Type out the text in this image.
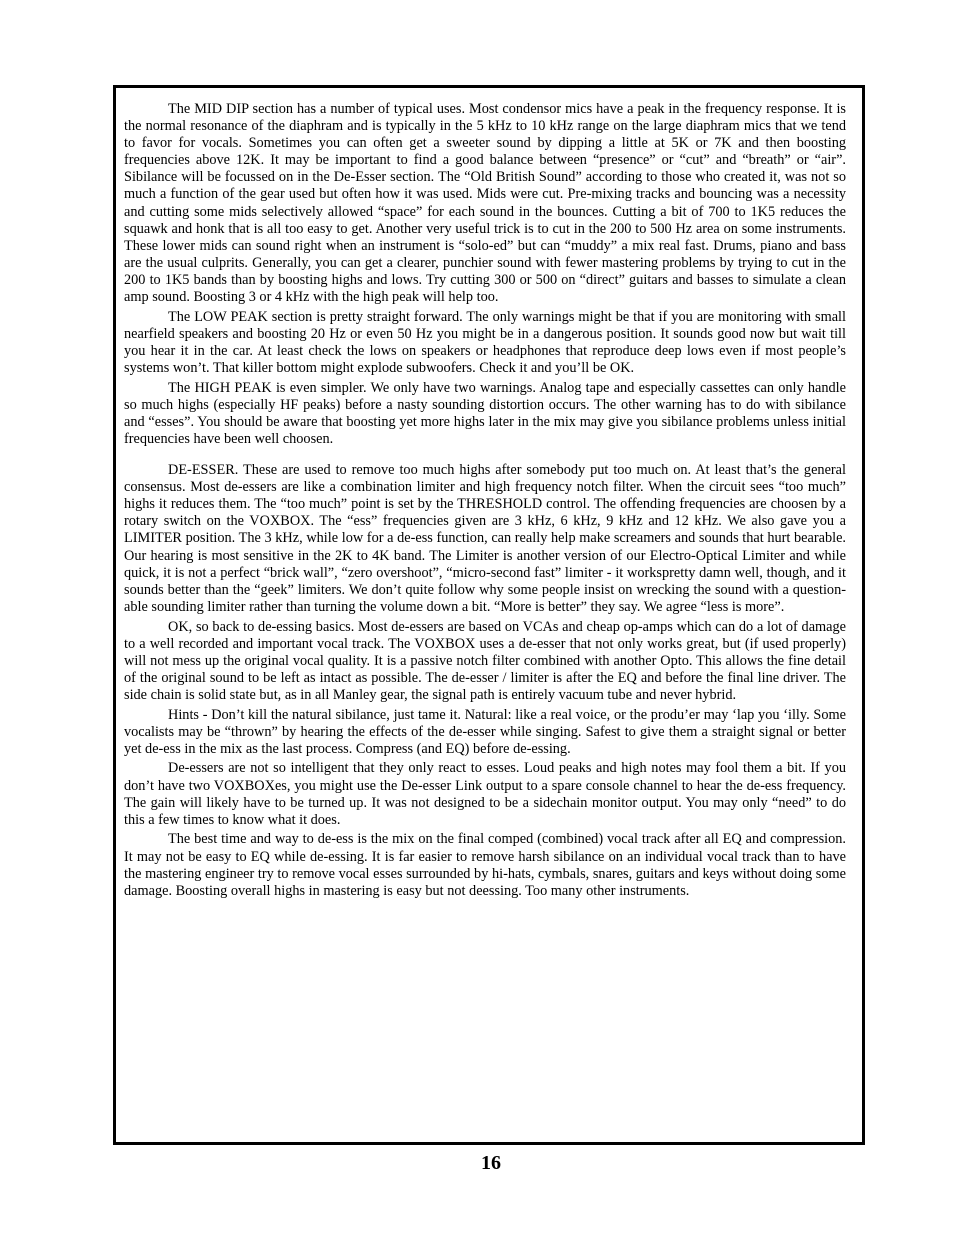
The MID DIP section has a number of typical uses. Most condensor mics have a peak in the frequency response. It is the normal resonance of the diaphram and is typically in the 5 kHz to 10 kHz range on the large diaphram mics that we tend to favor for vocals. Sometimes you can often get a sweeter sound by dipping a little at 5K or 7K and then boosting frequencies above 12K. It may be important to find a good balance between “presence” or “cut” and “breath” or “air”. Sibilance will be focussed on in the De-Esser section. The “Old British Sound” according to those who created it, was not so much a function of the gear used but often how it was used. Mids were cut. Pre-mixing tracks and bouncing was a necessity and cutting some mids selectively allowed “space” for each sound in the bounces. Cutting a bit of 700 to 1K5 reduces the squawk and honk that is all too easy to get. Another very useful trick is to cut in the 200 to 500 Hz area on some instruments. These lower mids can sound right when an instrument is “solo-ed” but can “muddy” a mix real fast. Drums, piano and bass are the usual culprits. Generally, you can get a clearer, punchier sound with fewer mastering problems by trying to cut in the 200 to 1K5 bands than by boosting highs and lows. Try cutting 300 or 500 on “direct” guitars and basses to simulate a clean amp sound. Boosting 3 or 4 kHz with the high peak will help too.

The LOW PEAK section is pretty straight forward. The only warnings might be that if you are monitoring with small nearfield speakers and boosting 20 Hz or even 50 Hz you might be in a dangerous position. It sounds good now but wait till you hear it in the car. At least check the lows on speakers or headphones that reproduce deep lows even if most people’s systems won’t. That killer bottom might explode subwoofers. Check it and you’ll be OK.

The HIGH PEAK is even simpler. We only have two warnings. Analog tape and especially cassettes can only handle so much highs (especially HF peaks) before a nasty sounding distortion occurs. The other warning has to do with sibilance and “esses”. You should be aware that boosting yet more highs later in the mix may give you sibilance problems unless initial frequencies have been well choosen.

DE-ESSER. These are used to remove too much highs after somebody put too much on. At least that’s the general consensus. Most de-essers are like a combination limiter and high frequency notch filter. When the circuit sees “too much” highs it reduces them. The “too much” point is set by the THRESHOLD control. The offending frequencies are choosen by a rotary switch on the VOXBOX. The “ess” frequencies given are 3 kHz, 6 kHz, 9 kHz and 12 kHz. We also gave you a LIMITER position. The 3 kHz, while low for a de-ess function, can really help make screamers and sounds that hurt bearable. Our hearing is most sensitive in the 2K to 4K band. The Limiter is another version of our Electro-Optical Limiter and while quick, it is not a perfect “brick wall”, “zero overshoot”, “micro-second fast” limiter - it workspretty damn well, though, and it sounds better than the “geek” limiters. We don’t quite follow why some people insist on wrecking the sound with a questionable sounding limiter rather than turning the volume down a bit. “More is better” they say. We agree “less is more”.

OK, so back to de-essing basics. Most de-essers are based on VCAs and cheap op-amps which can do a lot of damage to a well recorded and important vocal track. The VOXBOX uses a de-esser that not only works great, but (if used properly) will not mess up the original vocal quality. It is a passive notch filter combined with another Opto. This allows the fine detail of the original sound to be left as intact as possible. The de-esser / limiter is after the EQ and before the final line driver. The side chain is solid state but, as in all Manley gear, the signal path is entirely vacuum tube and never hybrid.

Hints - Don’t kill the natural sibilance, just tame it. Natural: like a real voice, or the produ’er may ‘lap you ‘illy. Some vocalists may be “thrown” by hearing the effects of the de-esser while singing. Safest to give them a straight signal or better yet de-ess in the mix as the last process. Compress (and EQ) before de-essing.

De-essers are not so intelligent that they only react to esses. Loud peaks and high notes may fool them a bit. If you don’t have two VOXBOXes, you might use the De-esser Link output to a spare console channel to hear the de-ess frequency. The gain will likely have to be turned up. It was not designed to be a sidechain monitor output. You may only “need” to do this a few times to know what it does.

The best time and way to de-ess is the mix on the final comped (combined) vocal track after all EQ and compression. It may not be easy to EQ while de-essing. It is far easier to remove harsh sibilance on an individual vocal track than to have the mastering engineer try to remove vocal esses surrounded by hi-hats, cymbals, snares, guitars and keys without doing some damage. Boosting overall highs in mastering is easy but not deessing. Too many other instruments.

16
